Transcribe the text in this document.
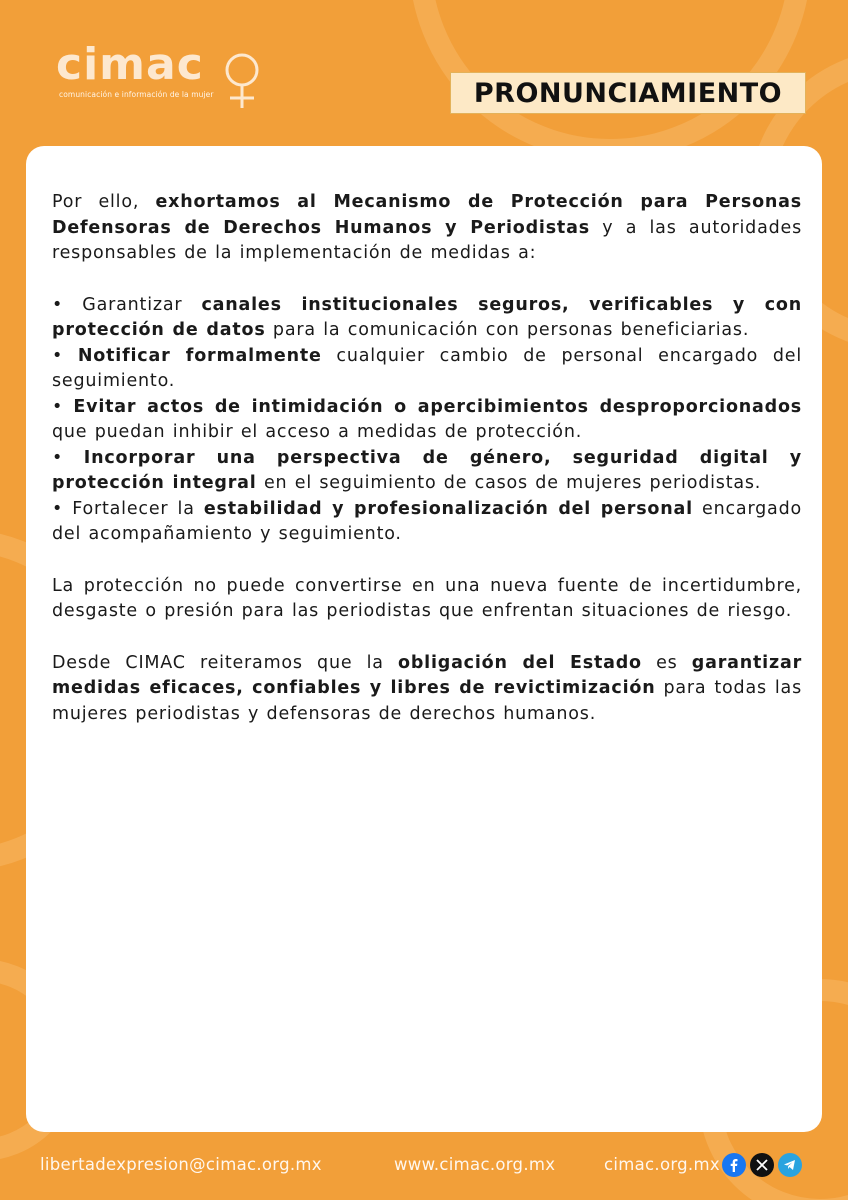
cimac
comunicación e información de la mujer	PRONUNCIAMIENTO

Por ello, exhortamos al Mecanismo de Protección para Personas Defensoras de Derechos Humanos y Periodistas y a las autoridades responsables de la implementación de medidas a:

• Garantizar canales institucionales seguros, verificables y con protección de datos para la comunicación con personas beneficiarias.
• Notificar formalmente cualquier cambio de personal encargado del seguimiento.
• Evitar actos de intimidación o apercibimientos desproporcionados que puedan inhibir el acceso a medidas de protección.
• Incorporar una perspectiva de género, seguridad digital y protección integral en el seguimiento de casos de mujeres periodistas.
• Fortalecer la estabilidad y profesionalización del personal encargado del acompañamiento y seguimiento.

La protección no puede convertirse en una nueva fuente de incertidumbre, desgaste o presión para las periodistas que enfrentan situaciones de riesgo.

Desde CIMAC reiteramos que la obligación del Estado es garantizar medidas eficaces, confiables y libres de revictimización para todas las mujeres periodistas y defensoras de derechos humanos.

libertadexpresion@cimac.org.mx	www.cimac.org.mx	cimac.org.mx
